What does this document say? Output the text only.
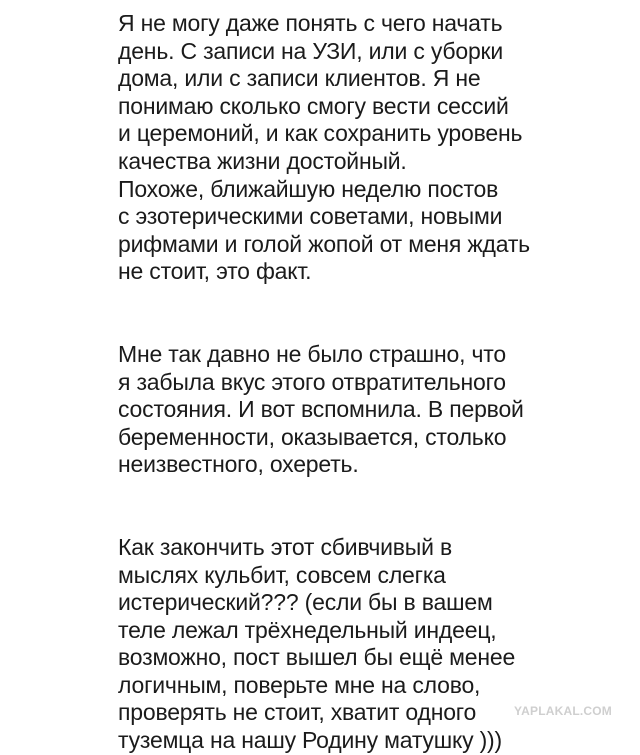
Я не могу даже понять с чего начать
день. С записи на УЗИ, или с уборки
дома, или с записи клиентов. Я не
понимаю сколько смогу вести сессий
и церемоний, и как сохранить уровень
качества жизни достойный.
Похоже, ближайшую неделю постов
с эзотерическими советами, новыми
рифмами и голой жопой от меня ждать
не стоит, это факт.

Мне так давно не было страшно, что
я забыла вкус этого отвратительного
состояния. И вот вспомнила. В первой
беременности, оказывается, столько
неизвестного, охереть.

Как закончить этот сбивчивый в
мыслях кульбит, совсем слегка
истерический??? (если бы в вашем
теле лежал трёхнедельный индеец,
возможно, пост вышел бы ещё менее
логичным, поверьте мне на слово,
проверять не стоит, хватит одного
туземца на нашу Родину матушку )))

YAPLAKAL.COM
